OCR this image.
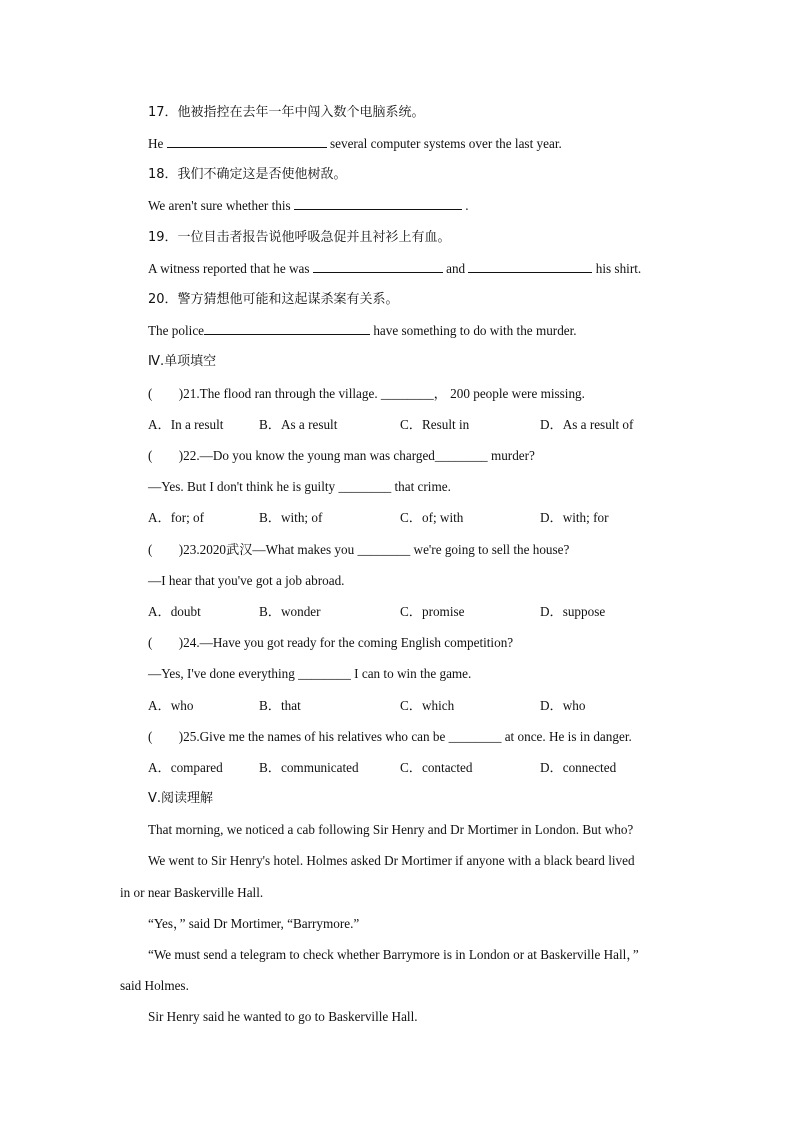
17．他被指控在去年一年中闯入数个电脑系统。
He	several computer systems over the last year.
18．我们不确定这是否使他树敌。
We aren't sure whether this	.
19．一位目击者报告说他呼吸急促并且衬衫上有血。
A witness reported that he was	and	his shirt.
20．警方猜想他可能和这起谋杀案有关系。
The police	have something to do with the murder.
Ⅳ.单项填空
(　　)21.The flood ran through the village. ________， 200 people were missing.
A．In a result	B．As a result	C．Result in	D．As a result of
(　　)22.—Do you know the young man was charged________ murder?
—Yes. But I don't think he is guilty ________ that crime.
A．for; of	B．with; of	C．of; with	D．with; for
(　　)23.2020武汉—What makes you ________ we're going to sell the house?
—I hear that you've got a job abroad.
A．doubt	B．wonder	C．promise	D．suppose
(　　)24.—Have you got ready for the coming English competition?
—Yes, I've done everything ________ I can to win the game.
A．who	B．that	C．which	D．who
(　　)25.Give me the names of his relatives who can be ________ at once. He is in danger.
A．compared	B．communicated	C．contacted	D．connected
Ⅴ.阅读理解
That morning, we noticed a cab following Sir Henry and Dr Mortimer in London. But who?
We went to Sir Henry's hotel. Holmes asked Dr Mortimer if anyone with a black beard lived
in or near Baskerville Hall.
“Yes，” said Dr Mortimer, “Barrymore.”
“We must send a telegram to check whether Barrymore is in London or at Baskerville Hall，”
said Holmes.
Sir Henry said he wanted to go to Baskerville Hall.
